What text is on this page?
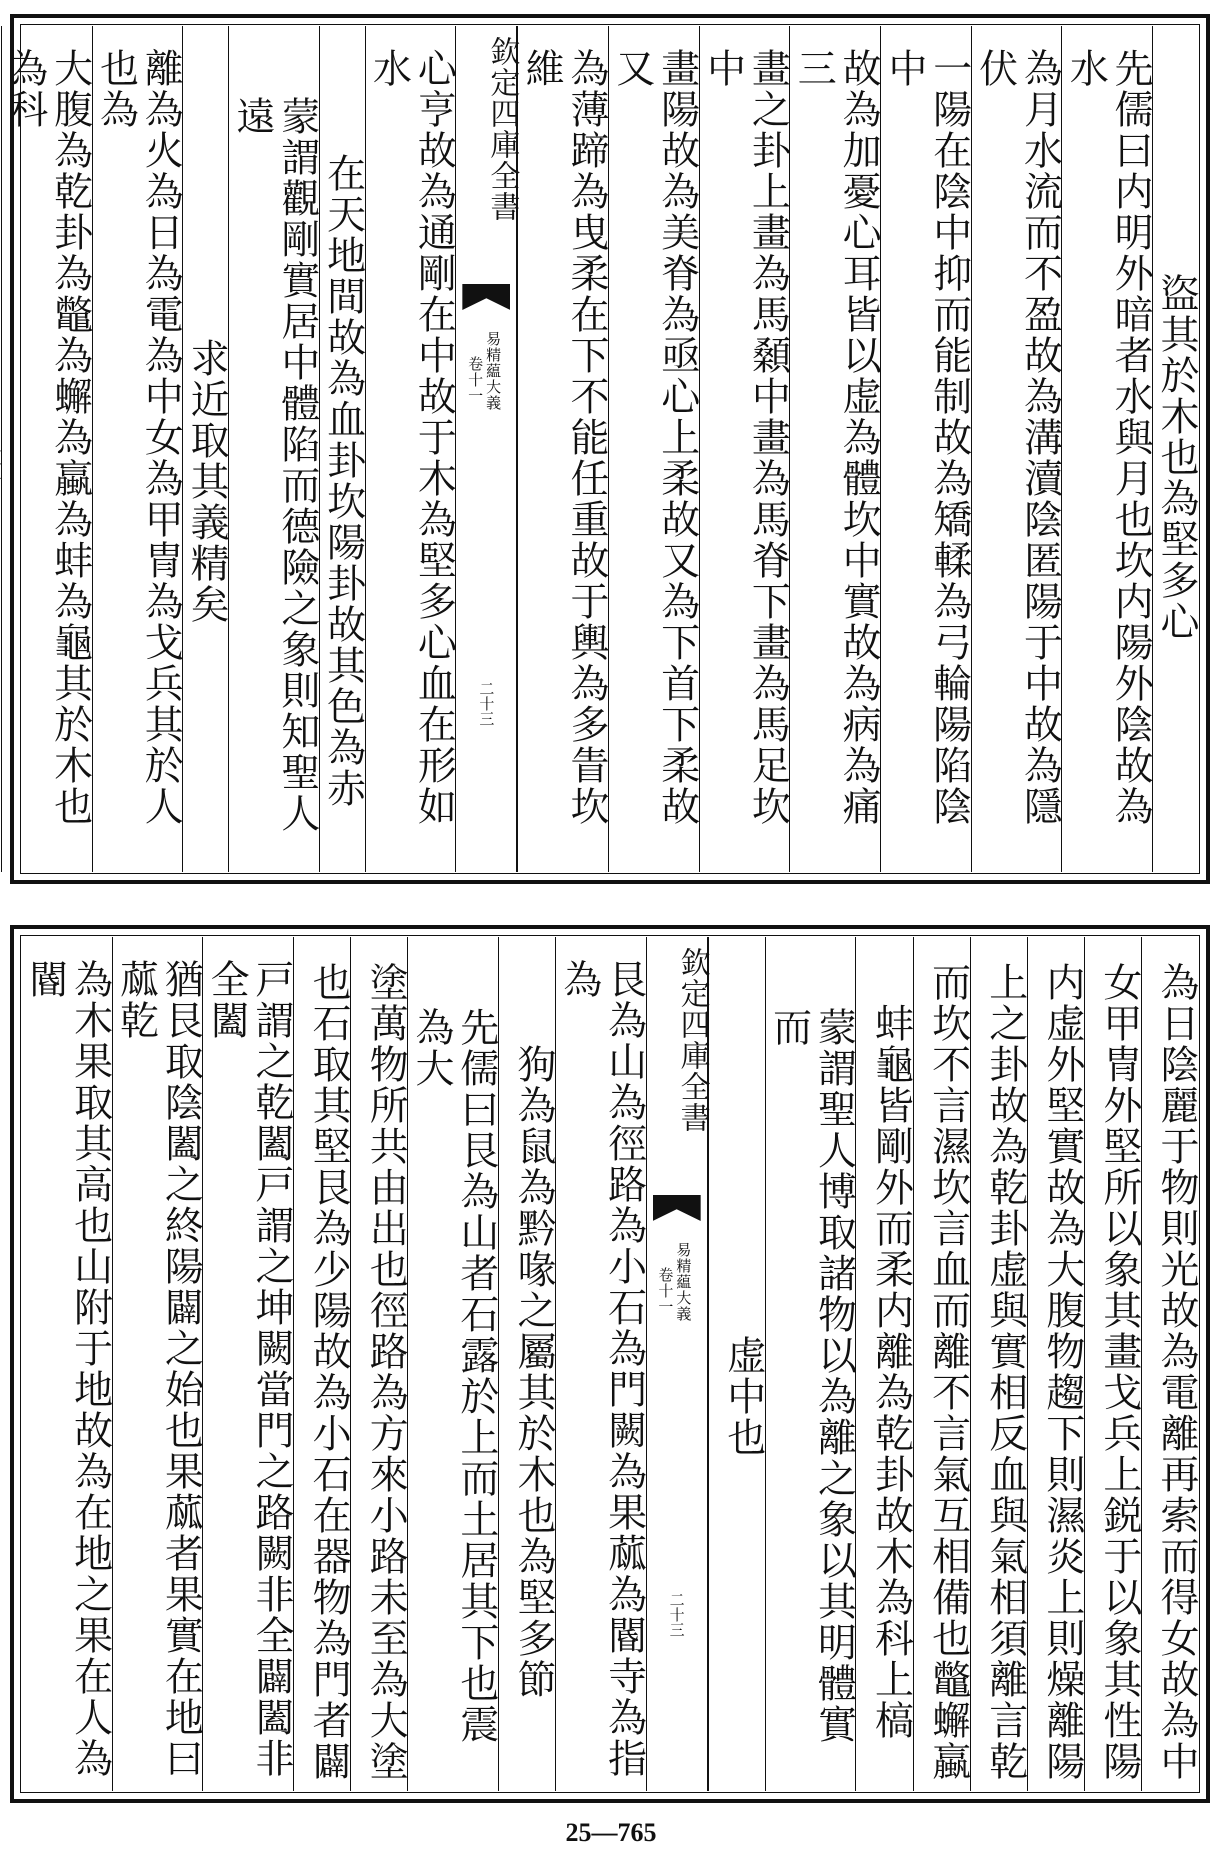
盜其於木也為堅多心
先儒曰内明外暗者水與月也坎内陽外陰故為水
為月水流而不盈故為溝瀆陰匿陽于中故為隱伏
一陽在陰中抑而能制故為矯輮為弓輪陽陷陰中
故為加憂心耳皆以虚為體坎中實故為病為痛三
畫之卦上畫為馬顙中畫為馬脊下畫為馬足坎中
畫陽故為美脊為亟心上柔故又為下首下柔故又
為薄蹄為曳柔在下不能任重故于輿為多眚坎維
欽定四庫全書
易精藴大義
卷十一
二十三
心亨故為通剛在中故于木為堅多心血在形如水
在天地間故為血卦坎陽卦故其色為赤
蒙謂觀剛實居中體陷而德險之象則知聖人遠
求近取其義精矣
離為火為日為電為中女為甲冑為戈兵其於人也為
大腹為乾卦為鼈為蠏為蠃為蚌為龜其於木也為科
為日陰麗于物則光故為電離再索而得女故為中
女甲冑外堅所以象其畫戈兵上鋭于以象其性陽
内虚外堅實故為大腹物趨下則濕炎上則燥離陽
上之卦故為乾卦虚與實相反血與氣相須離言乾
而坎不言濕坎言血而離不言氣互相備也鼈蠏蠃
蚌龜皆剛外而柔内離為乾卦故木為科上槁
蒙謂聖人博取諸物以為離之象以其明體實而
虚中也
欽定四庫全書
易精藴大義
卷十一
二十三
艮為山為徑路為小石為門闕為果蓏為閽寺為指為
狗為鼠為黔喙之屬其於木也為堅多節
先儒曰艮為山者石露於上而土居其下也震為大
塗萬物所共由出也徑路為方來小路未至為大塗
也石取其堅艮為少陽故為小石在器物為門者闢
戸謂之乾闔戸謂之坤闕當門之路闕非全闢闔非全闔
猶艮取陰闔之終陽闢之始也果蓏者果實在地曰蓏乾
為木果取其高也山附于地故為在地之果在人為閽
25—765
